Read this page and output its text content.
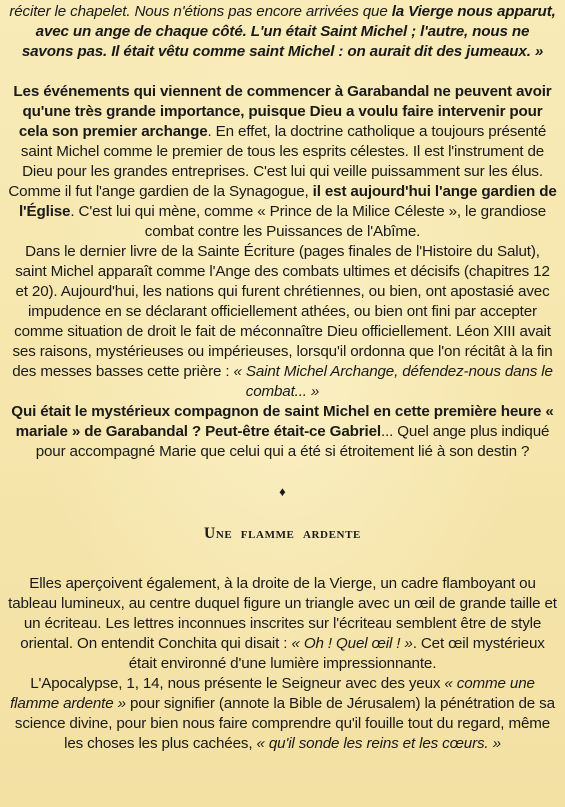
réciter le chapelet. Nous n'étions pas encore arrivées que la Vierge nous apparut, avec un ange de chaque côté. L'un était Saint Michel ; l'autre, nous ne savons pas. Il était vêtu comme saint Michel : on aurait dit des jumeaux. »

Les événements qui viennent de commencer à Garabandal ne peuvent avoir qu'une très grande importance, puisque Dieu a voulu faire intervenir pour cela son premier archange. En effet, la doctrine catholique a toujours présenté saint Michel comme le premier de tous les esprits célestes. Il est l'instrument de Dieu pour les grandes entreprises. C'est lui qui veille puissamment sur les élus. Comme il fut l'ange gardien de la Synagogue, il est aujourd'hui l'ange gardien de l'Église. C'est lui qui mène, comme « Prince de la Milice Céleste », le grandiose combat contre les Puissances de l'Abîme.
Dans le dernier livre de la Sainte Écriture (pages finales de l'Histoire du Salut), saint Michel apparaît comme l'Ange des combats ultimes et décisifs (chapitres 12 et 20). Aujourd'hui, les nations qui furent chrétiennes, ou bien, ont apostasié avec impudence en se déclarant officiellement athées, ou bien ont fini par accepter comme situation de droit le fait de méconnaître Dieu officiellement. Léon XIII avait ses raisons, mystérieuses ou impérieuses, lorsqu'il ordonna que l'on récitât à la fin des messes basses cette prière : « Saint Michel Archange, défendez-nous dans le combat... »

Qui était le mystérieux compagnon de saint Michel en cette première heure « mariale » de Garabandal ? Peut-être était-ce Gabriel... Quel ange plus indiqué pour accompagné Marie que celui qui a été si étroitement lié à son destin ?

♦
Une flamme ardente

Elles aperçoivent également, à la droite de la Vierge, un cadre flamboyant ou tableau lumineux, au centre duquel figure un triangle avec un œil de grande taille et un écriteau. Les lettres inconnues inscrites sur l'écriteau semblent être de style oriental. On entendit Conchita qui disait : « Oh ! Quel œil ! ». Cet œil mystérieux était environné d'une lumière impressionnante.
L'Apocalypse, 1, 14, nous présente le Seigneur avec des yeux « comme une flamme ardente » pour signifier (annote la Bible de Jérusalem) la pénétration de sa science divine, pour bien nous faire comprendre qu'il fouille tout du regard, même les choses les plus cachées, « qu'il sonde les reins et les cœurs. »
